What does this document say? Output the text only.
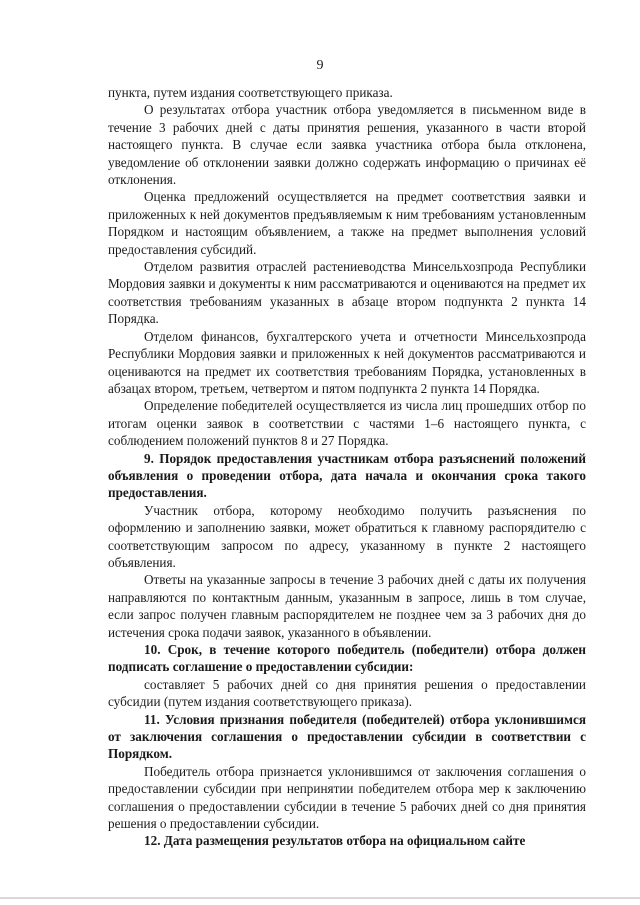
9

пункта, путем издания соответствующего приказа.

О результатах отбора участник отбора уведомляется в письменном виде в течение 3 рабочих дней с даты принятия решения, указанного в части второй настоящего пункта. В случае если заявка участника отбора была отклонена, уведомление об отклонении заявки должно содержать информацию о причинах её отклонения.

Оценка предложений осуществляется на предмет соответствия заявки и приложенных к ней документов предъявляемым к ним требованиям установленным Порядком и настоящим объявлением, а также на предмет выполнения условий предоставления субсидий.

Отделом развития отраслей растениеводства Минсельхозпрода Республики Мордовия заявки и документы к ним рассматриваются и оцениваются на предмет их соответствия требованиям указанных в абзаце втором подпункта 2 пункта 14 Порядка.

Отделом финансов, бухгалтерского учета и отчетности Минсельхозпрода Республики Мордовия заявки и приложенных к ней документов рассматриваются и оцениваются на предмет их соответствия требованиям Порядка, установленных в абзацах втором, третьем, четвертом и пятом подпункта 2 пункта 14 Порядка.

Определение победителей осуществляется из числа лиц прошедших отбор по итогам оценки заявок в соответствии с частями 1–6 настоящего пункта, с соблюдением положений пунктов 8 и 27 Порядка.

9. Порядок предоставления участникам отбора разъяснений положений объявления о проведении отбора, дата начала и окончания срока такого предоставления.

Участник отбора, которому необходимо получить разъяснения по оформлению и заполнению заявки, может обратиться к главному распорядителю с соответствующим запросом по адресу, указанному в пункте 2 настоящего объявления.

Ответы на указанные запросы в течение 3 рабочих дней с даты их получения направляются по контактным данным, указанным в запросе, лишь в том случае, если запрос получен главным распорядителем не позднее чем за 3 рабочих дня до истечения срока подачи заявок, указанного в объявлении.

10. Срок, в течение которого победитель (победители) отбора должен подписать соглашение о предоставлении субсидии:

составляет 5 рабочих дней со дня принятия решения о предоставлении субсидии (путем издания соответствующего приказа).

11. Условия признания победителя (победителей) отбора уклонившимся от заключения соглашения о предоставлении субсидии в соответствии с Порядком.

Победитель отбора признается уклонившимся от заключения соглашения о предоставлении субсидии при непринятии победителем отбора мер к заключению соглашения о предоставлении субсидии в течение 5 рабочих дней со дня принятия решения о предоставлении субсидии.

12. Дата размещения результатов отбора на официальном сайте
